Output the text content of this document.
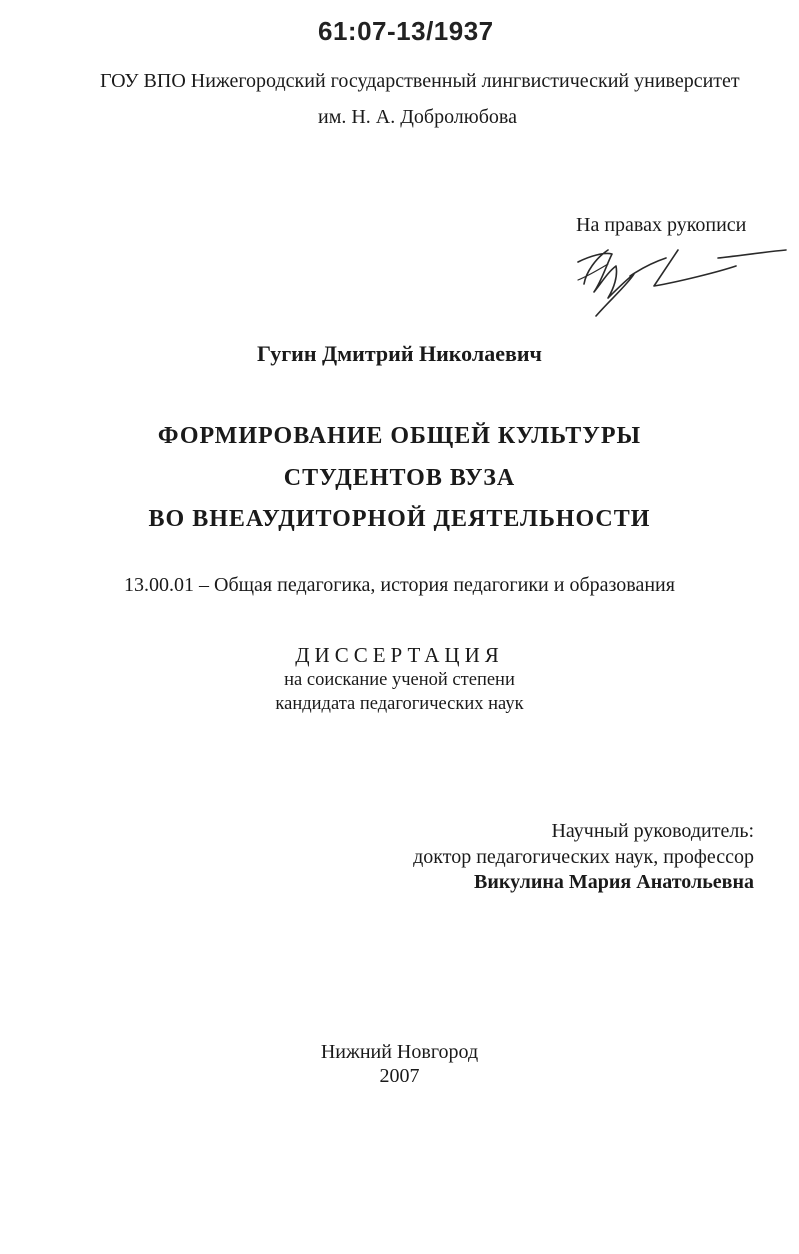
61:07-13/1937
ГОУ ВПО Нижегородский государственный лингвистический университет
им. Н. А. Добролюбова
На правах рукописи
Гугин Дмитрий Николаевич
ФОРМИРОВАНИЕ ОБЩЕЙ КУЛЬТУРЫ
СТУДЕНТОВ ВУЗА
ВО ВНЕАУДИТОРНОЙ ДЕЯТЕЛЬНОСТИ
13.00.01 – Общая педагогика, история педагогики и образования
ДИССЕРТАЦИЯ
на соискание ученой степени
кандидата педагогических наук
Научный руководитель:
доктор педагогических наук, профессор
Викулина Мария Анатольевна
Нижний Новгород
2007
